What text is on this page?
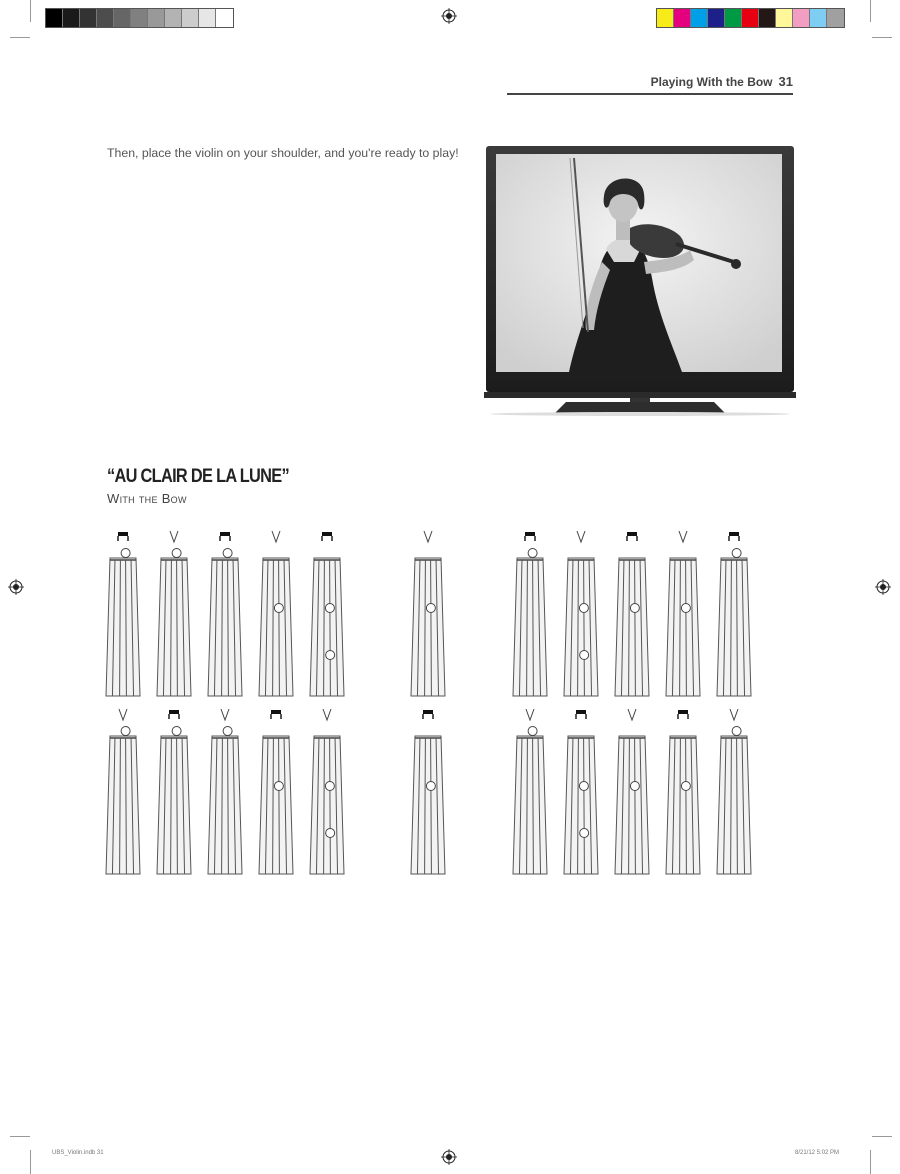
Playing With the Bow 31

Then, place the violin on your shoulder, and you're ready to play!

“AU CLAIR DE LA LUNE”
With the Bow
UBS_Violin.indb 31	8/21/12 5:02 PM
